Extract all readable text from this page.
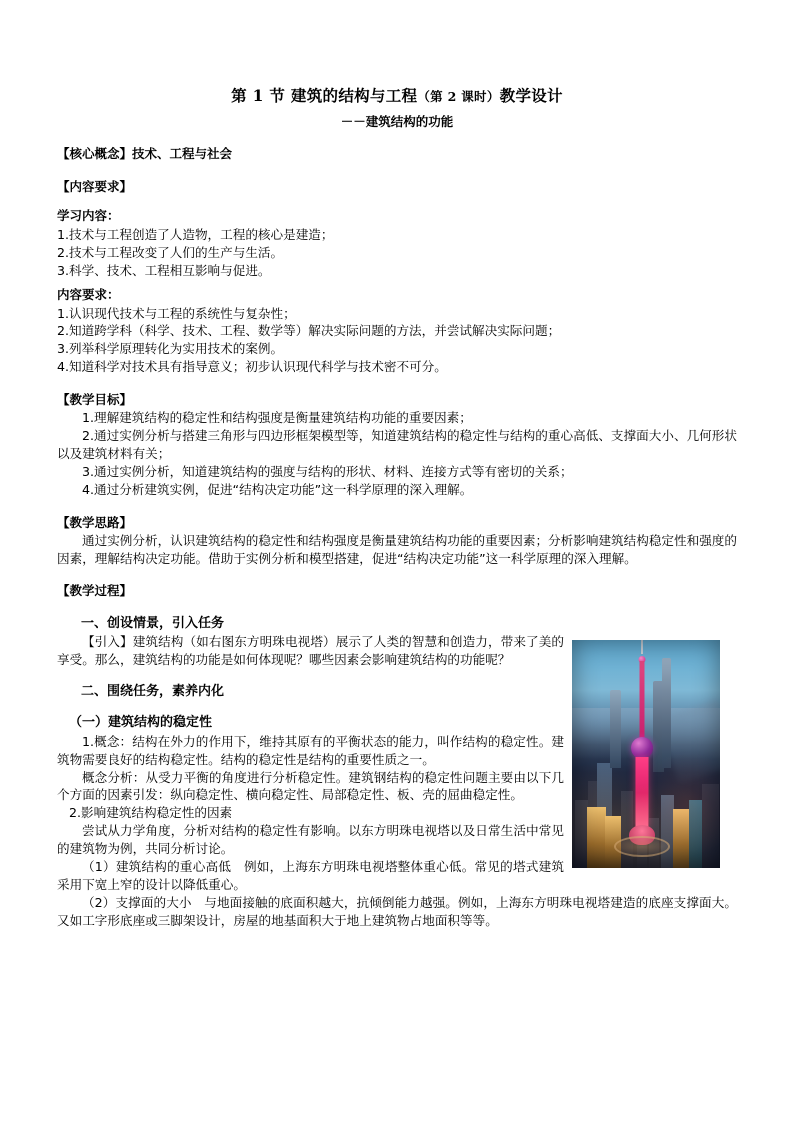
第 1 节 建筑的结构与工程（第 2 课时）教学设计
－－建筑结构的功能
【核心概念】技术、工程与社会
【内容要求】
学习内容：

1.技术与工程创造了人造物，工程的核心是建造；

2.技术与工程改变了人们的生产与生活。

3.科学、技术、工程相互影响与促进。

内容要求：

1.认识现代技术与工程的系统性与复杂性；

2.知道跨学科（科学、技术、工程、数学等）解决实际问题的方法，并尝试解决实际问题；

3.列举科学原理转化为实用技术的案例。

4.知道科学对技术具有指导意义；初步认识现代科学与技术密不可分。

【教学目标】

1.理解建筑结构的稳定性和结构强度是衡量建筑结构功能的重要因素；

2.通过实例分析与搭建三角形与四边形框架模型等，知道建筑结构的稳定性与结构的重心高低、支撑面大小、几何形状以及建筑材料有关；

3.通过实例分析，知道建筑结构的强度与结构的形状、材料、连接方式等有密切的关系；

4.通过分析建筑实例，促进“结构决定功能”这一科学原理的深入理解。

【教学思路】

通过实例分析，认识建筑结构的稳定性和结构强度是衡量建筑结构功能的重要因素；分析影响建筑结构稳定性和强度的因素，理解结构决定功能。借助于实例分析和模型搭建，促进“结构决定功能”这一科学原理的深入理解。

【教学过程】
一、创设情景，引入任务

【引入】建筑结构（如右图东方明珠电视塔）展示了人类的智慧和创造力，带来了美的享受。那么，建筑结构的功能是如何体现呢？哪些因素会影响建筑结构的功能呢？

二、围绕任务，素养内化
（一）建筑结构的稳定性

1.概念：结构在外力的作用下，维持其原有的平衡状态的能力，叫作结构的稳定性。建筑物需要良好的结构稳定性。结构的稳定性是结构的重要性质之一。

概念分析：从受力平衡的角度进行分析稳定性。建筑钢结构的稳定性问题主要由以下几个方面的因素引发：纵向稳定性、横向稳定性、局部稳定性、板、壳的屈曲稳定性。

2.影响建筑结构稳定性的因素

尝试从力学角度，分析对结构的稳定性有影响。以东方明珠电视塔以及日常生活中常见的建筑物为例，共同分析讨论。

（1）建筑结构的重心高低　例如，上海东方明珠电视塔整体重心低。常见的塔式建筑采用下宽上窄的设计以降低重心。

（2）支撑面的大小　与地面接触的底面积越大，抗倾倒能力越强。例如，上海东方明珠电视塔建造的底座支撑面大。又如工字形底座或三脚架设计，房屋的地基面积大于地上建筑物占地面积等等。
